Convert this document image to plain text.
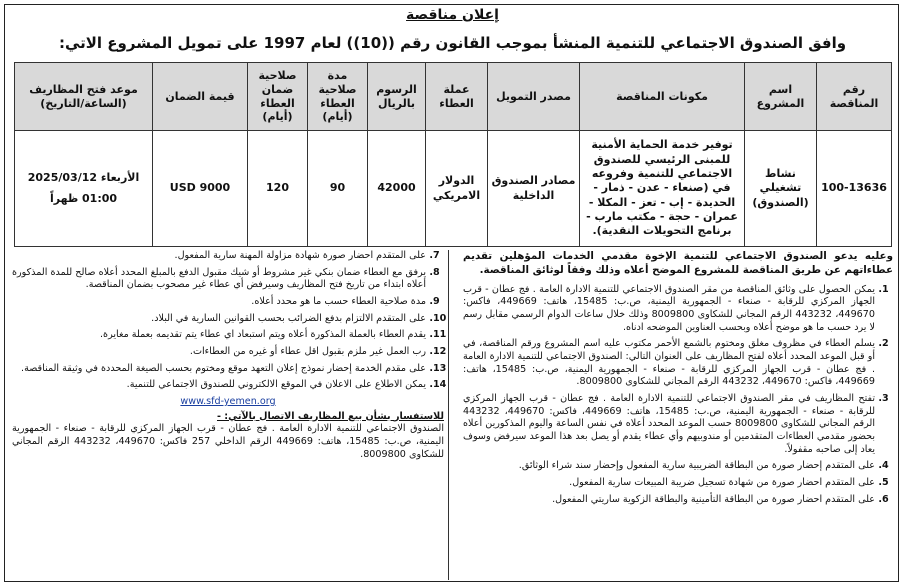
إعلان مناقصة
وافق الصندوق الاجتماعي للتنمية المنشأ بموجب القانون رقم ((10)) لعام 1997 على تمويل المشروع الاتي:
رقم المناقصة	اسم المشروع	مكونات المناقصة	مصدر التمويل	عملة العطاء	الرسوم بالريال	مدة صلاحية العطاء (أيام)	صلاحية ضمان العطاء (أيام)	قيمة الضمان	موعد فتح المظاريف (الساعة/التاريخ)
100-13636	نشاط تشغيلي (الصندوق)	توفير خدمة الحماية الأمنية للمبنى الرئيسي للصندوق الاجتماعي للتنمية وفروعه في (صنعاء - عدن - ذمار - الحديدة - إب - تعز - المكلا - عمران - حجة - مكتب مارب - برنامج التحويلات النقدية).	مصادر الصندوق الداخلية	الدولار الامريكي	42000	90	120	USD 9000	الأربعاء 2025/03/12
01:00 ظهراً

وعليه يدعو الصندوق الاجتماعي للتنمية الإخوة مقدمي الخدمات المؤهلين تقديم عطاءاتهم عن طريق المناقصة للمشروع الموضح أعلاه وذلك وفقاً لوثائق المناقصة.

1. يمكن الحصول على وثائق المناقصة من مقر الصندوق الاجتماعي للتنمية الادارة العامة . فج عطان - قرب الجهاز المركزي للرقابة - صنعاء - الجمهورية اليمنية، ص.ب: 15485، هاتف: 449669، فاكس: 449670، 443232 الرقم المجاني للشكاوى 8009800 وذلك خلال ساعات الدوام الرسمي مقابل رسم لا يرد حسب ما هو موضح أعلاه وبحسب العناوين الموضحه ادناه.
2. يسلم العطاء في مظروف مغلق ومختوم بالشمع الأحمر مكتوب عليه اسم المشروع ورقم المناقصة، في أو قبل الموعد المحدد أعلاه لفتح المظاريف على العنوان التالي: الصندوق الاجتماعي للتنمية الادارة العامة . فج عطان - قرب الجهاز المركزي للرقابة - صنعاء - الجمهورية اليمنية، ص.ب: 15485، هاتف: 449669، فاكس: 449670، 443232 الرقم المجاني للشكاوى 8009800.
3. تفتح المظاريف في مقر الصندوق الاجتماعي للتنمية الادارة العامة . فج عطان - قرب الجهاز المركزي للرقابة - صنعاء - الجمهورية اليمنية، ص.ب: 15485، هاتف: 449669، فاكس: 449670، 443232 الرقم المجاني للشكاوى 8009800 حسب الموعد المحدد أعلاه في نفس الساعة واليوم المذكورين أعلاه بحضور مقدمي العطاءات المتقدمين أو مندوبيهم وأي عطاء يقدم أو يصل بعد هذا الموعد سيرفض وسوف يعاد إلى صاحبه مقفولاً.
4. على المتقدم إحضار صورة من البطاقة الضريبية سارية المفعول وإحضار سند شراء الوثائق.
5. على المتقدم احضار صورة من شهادة تسجيل ضريبة المبيعات سارية المفعول.
6. على المتقدم احضار صورة من البطاقة التأمينية والبطاقة الزكوية ساريتي المفعول.
7. على المتقدم احضار صورة شهادة مزاولة المهنة سارية المفعول.
8. يرفق مع العطاء ضمان بنكي غير مشروط أو شيك مقبول الدفع بالمبلغ المحدد أعلاه صالح للمدة المذكورة أعلاه ابتداء من تاريخ فتح المظاريف وسيرفض أي عطاء غير مصحوب بضمان المناقصة.
9. مدة صلاحية العطاء حسب ما هو محدد أعلاه.
10. على المتقدم الالتزام بدفع الضرائب بحسب القوانين السارية في البلاد.
11. يقدم العطاء بالعملة المذكورة أعلاه ويتم استبعاد اي عطاء يتم تقديمه بعملة مغايرة.
12. رب العمل غير ملزم بقبول اقل عطاء أو غيره من العطاءات.
13. على مقدم الخدمة إحضار نموذج إعلان التعهد موقع ومختوم بحسب الصيغة المحددة في وثيقة المناقصة.
14. يمكن الاطلاع على الاعلان في الموقع الالكتروني للصندوق الاجتماعي للتنمية.
www.sfd-yemen.org
للاستفسار بشأن بيع المظاريف الاتصال بالآتي: -
الصندوق الاجتماعي للتنمية الادارة العامة . فج عطان - قرب الجهاز المركزي للرقابة - صنعاء - الجمهورية اليمنية، ص.ب: 15485، هاتف: 449669 الرقم الداخلي 257 فاكس: 449670، 443232 الرقم المجاني للشكاوى 8009800.
